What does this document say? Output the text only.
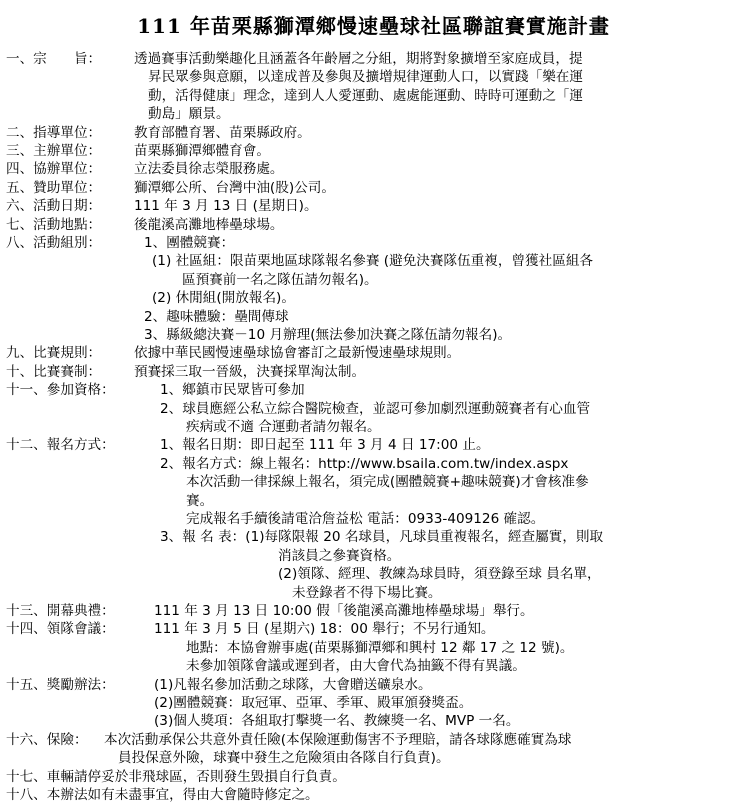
111 年苗栗縣獅潭鄉慢速壘球社區聯誼賽實施計畫
一、宗　　旨： 透過賽事活動樂趣化且涵蓋各年齡層之分組，期將對象擴增至家庭成員，提
昇民眾參與意願，以達成普及參與及擴增規律運動人口，以實踐「樂在運
動，活得健康」理念，達到人人愛運動、處處能運動、時時可運動之「運
動島」願景。
二、指導單位： 教育部體育署、苗栗縣政府。
三、主辦單位： 苗栗縣獅潭鄉體育會。
四、協辦單位： 立法委員徐志榮服務處。
五、贊助單位： 獅潭鄉公所、台灣中油(股)公司。
六、活動日期： 111 年 3 月 13 日 (星期日)。
七、活動地點： 後龍溪高灘地棒壘球場。
八、活動組別：	1、團體競賽：
(1) 社區組：限苗栗地區球隊報名參賽 (避免決賽隊伍重複，曾獲社區組各
區預賽前一名之隊伍請勿報名)。
(2) 休閒組(開放報名)。
2、趣味體驗：壘間傳球
3、縣級總決賽－10 月辦理(無法參加決賽之隊伍請勿報名)。
九、比賽規則： 依據中華民國慢速壘球協會審訂之最新慢速壘球規則。
十、比賽賽制： 預賽採三取一晉級，決賽採單淘汰制。
十一、參加資格：	1、鄉鎮市民眾皆可參加
2、球員應經公私立綜合醫院檢查，並認可參加劇烈運動競賽者有心血管
疾病或不適 合運動者請勿報名。
十二、報名方式：	1、報名日期：即日起至 111 年 3 月 4 日 17:00 止。
2、報名方式：線上報名：http://www.bsaila.com.tw/index.aspx
本次活動一律採線上報名，須完成(團體競賽+趣味競賽)才會核准參
賽。
完成報名手續後請電洽詹益松 電話：0933-409126 確認。
3、報 名 表：(1)每隊限報 20 名球員，凡球員重複報名，經查屬實，則取
消該員之參賽資格。
(2)領隊、經理、教練為球員時，須登錄至球 員名單，
未登錄者不得下場比賽。
十三、開幕典禮：	111 年 3 月 13 日 10:00 假「後龍溪高灘地棒壘球場」舉行。
十四、領隊會議：	111 年 3 月 5 日 (星期六) 18：00 舉行；不另行通知。
地點：本協會辦事處(苗栗縣獅潭鄉和興村 12 鄰 17 之 12 號)。
未參加領隊會議或遲到者，由大會代為抽籤不得有異議。
十五、獎勵辦法：	(1)凡報名參加活動之球隊，大會贈送礦泉水。
(2)團體競賽：取冠軍、亞軍、季軍、殿軍頒發獎盃。
(3)個人獎項：各組取打擊獎一名、教練獎一名、MVP 一名。
十六、保險： 本次活動承保公共意外責任險(本保險運動傷害不予理賠，請各球隊應確實為球
員投保意外險，球賽中發生之危險須由各隊自行負責)。
十七、車輛請停妥於非飛球區，否則發生毀損自行負責。
十八、本辦法如有未盡事宜，得由大會隨時修定之。
